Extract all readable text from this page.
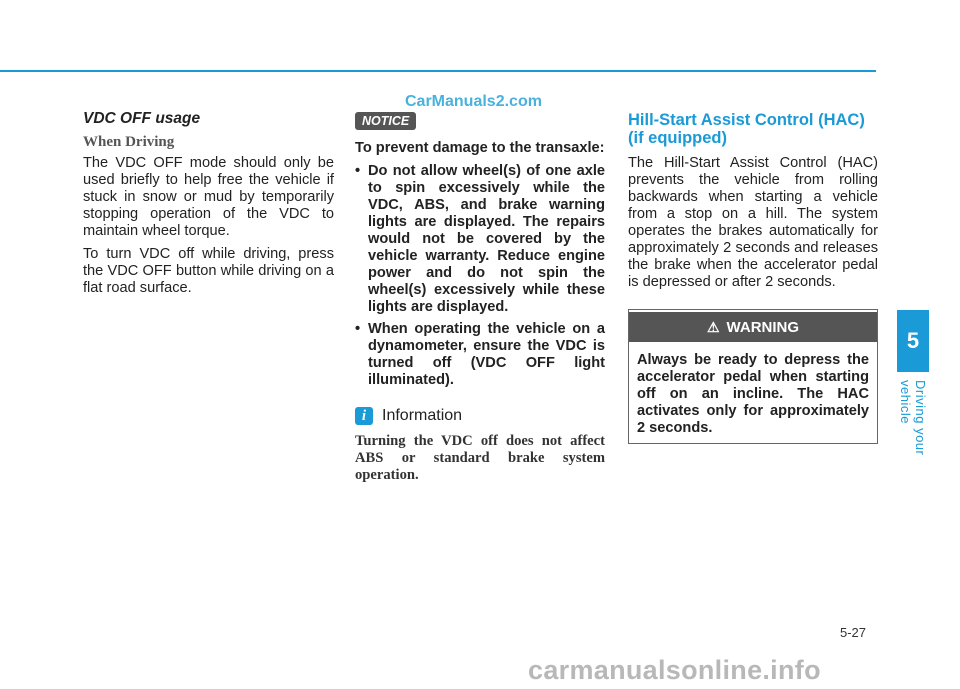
VDC OFF usage
When Driving

The VDC OFF mode should only be used briefly to help free the vehicle if stuck in snow or mud by temporarily stopping operation of the VDC to maintain wheel torque.

To turn VDC off while driving, press the VDC OFF button while driving on a flat road surface.

CarManuals2.com
NOTICE

To prevent damage to the transaxle:

• Do not allow wheel(s) of one axle to spin excessively while the VDC, ABS, and brake warning lights are displayed. The repairs would not be covered by the vehicle warranty. Reduce engine power and do not spin the wheel(s) excessively while these lights are displayed.
• When operating the vehicle on a dynamometer, ensure the VDC is turned off (VDC OFF light illuminated).
i Information
Turning the VDC off does not affect ABS or standard brake system operation.
Hill-Start Assist Control (HAC) (if equipped)

The Hill-Start Assist Control (HAC) prevents the vehicle from rolling backwards when starting a vehicle from a stop on a hill. The system operates the brakes automatically for approximately 2 seconds and releases the brake when the accelerator pedal is depressed or after 2 seconds.

⚠ WARNING
Always be ready to depress the accelerator pedal when starting off on an incline. The HAC activates only for approximately 2 seconds.
5
Driving your vehicle
5-27
carmanualsonline.info
